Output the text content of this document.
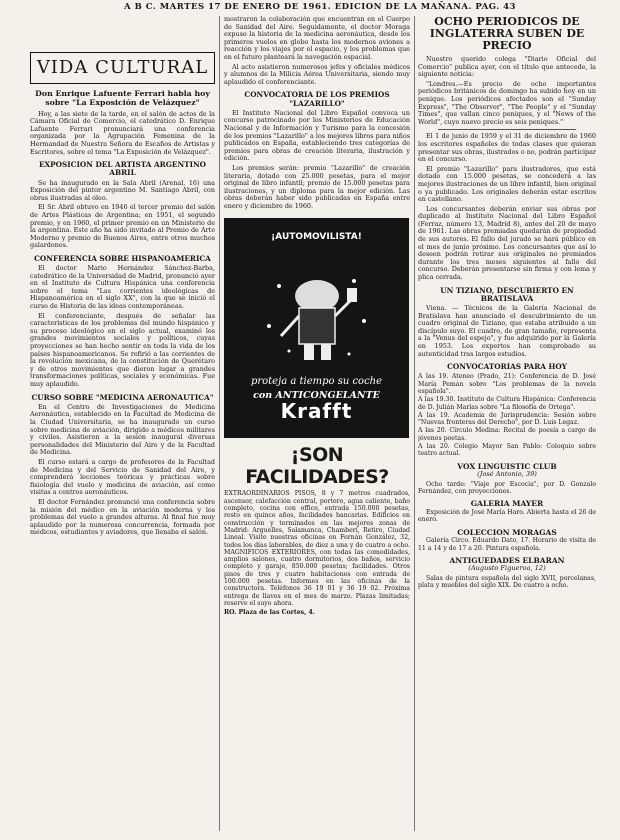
A B C. MARTES 17 DE ENERO DE 1961. EDICION DE LA MAÑANA. PAG. 43
VIDA CULTURAL
Don Enrique Lafuente Ferrari habla hoy sobre "La Exposición de Velázquez"

Hoy, a las siete de la tarde, en el salón de actos de la Cámara Oficial de Comercio, el catedrático D. Enrique Lafuente Ferrari pronunciará una conferencia organizada por la Agrupación Femenina de la Hermandad de Nuestra Señora de Escaños de Artistas y Escritores, sobre el tema "La Exposición de Velázquez".

EXPOSICION DEL ARTISTA ARGENTINO ABRIL

Se ha inaugurado en la Sala Abril (Arenal, 16) una Exposición del pintor argentino M. Santiago Abril, con obras ilustradas al óleo.

El Sr. Abril obtuvo en 1946 el tercer premio del salón de Artes Plásticas de Argentina; en 1951, el segundo premio, y en 1960, el primer premio en un Ministerio de la argentina. Este año ha sido invitado al Premio de Arte Moderno y premio de Buenos Aires, entre otros muchos galardones.

CONFERENCIA SOBRE HISPANOAMERICA

El doctor Mario Hernández Sánchez-Barba, catedrático de la Universidad de Madrid, pronunció ayer en el Instituto de Cultura Hispánica una conferencia sobre el tema "Las corrientes ideológicas de Hispanoamérica en el siglo XX", con la que se inició el curso de Historia de las ideas contemporáneas.

El conferenciante, después de señalar las características de los problemas del mundo hispánico y su proceso ideológico en el siglo actual, examinó los grandes movimientos sociales y políticos, cuyas proyecciones se han hecho sentir en toda la vida de los países hispanoamericanos. Se refirió a las corrientes de la revolución mexicana, de la constitución de Querétaro y de otros movimientos que dieron lugar a grandes transformaciones políticas, sociales y económicas. Fue muy aplaudido.

CURSO SOBRE "MEDICINA AERONAUTICA"

En el Centro de Investigaciones de Medicina Aeronáutica, establecido en la Facultad de Medicina de la Ciudad Universitaria, se ha inaugurado un curso sobre medicina de aviación, dirigido a médicos militares y civiles. Asistieron a la sesión inaugural diversas personalidades del Ministerio del Aire y de la Facultad de Medicina.

El curso estará a cargo de profesores de la Facultad de Medicina y del Servicio de Sanidad del Aire, y comprenderá lecciones teóricas y prácticas sobre fisiología del vuelo y medicina de aviación, así como visitas a centros aeronáuticos.

El doctor Fernández pronunció una conferencia sobre la misión del médico en la aviación moderna y los problemas del vuelo a grandes alturas. Al final fue muy aplaudido por la numerosa concurrencia, formada por médicos, estudiantes y aviadores, que llenaba el salón.

mostraron la colaboración que encuentran en el Cuerpo de Sanidad del Aire. Seguidamente, el doctor Moraga expuso la historia de la medicina aeronáutica, desde los primeros vuelos en globo hasta los modernos aviones a reacción y los viajes por el espacio, y los problemas que en el futuro planteará la navegación espacial.

Al acto asistieron numerosos jefes y oficiales médicos y alumnos de la Milicia Aérea Universitaria, siendo muy aplaudido el conferenciante.

CONVOCATORIA DE LOS PREMIOS "LAZARILLO"

El Instituto Nacional del Libro Español convoca un concurso patrocinado por los Ministerios de Educación Nacional y de Información y Turismo para la concesión de los premios "Lazarillo" a los mejores libros para niños publicados en España, estableciendo tres categorías de premios para obras de creación literaria, ilustración y edición.

Los premios serán: premio "Lazarillo" de creación literaria, dotado con 25.000 pesetas, para el mejor original de libro infantil; premio de 15.000 pesetas para ilustraciones, y un diploma para la mejor edición. Las obras deberán haber sido publicadas en España entre enero y diciembre de 1960.

¡AUTOMOVILISTA!
proteja a tiempo su coche
con ANTICONGELANTE
Krafft
¡SON FACILIDADES?

EXTRAORDINARIOS PISOS, 8 y 7 metros cuadrados, ascensor, calefacción central, portero, agua caliente, baño completo, cocina con office, entrada 150.000 pesetas, resto en quince años, facilidades bancarias. Edificios en construcción y terminados en las mejores zonas de Madrid: Arguelles, Salamanca, Chamberí, Retiro, Ciudad Lineal. Visite nuestras oficinas en Fernán González, 32, todos los días laborables, de diez a una y de cuatro a ocho. MAGNIFICOS EXTERIORES, con todas las comodidades, amplios salones, cuatro dormitorios, dos baños, servicio completo y garaje, 850.000 pesetas; facilidades. Otros pisos de tres y cuatro habitaciones con entrada de 100.000 pesetas. Informes en las oficinas de la constructora. Teléfonos 36 19 01 y 36 19 02. Próxima entrega de llaves en el mes de marzo. Plazas limitadas; reserve el suyo ahora.

RO. Plaza de las Cortes, 4.

OCHO PERIODICOS DE INGLATERRA SUBEN DE PRECIO

Nuestro querido colega "Diario Oficial del Comercio" publica ayer, con el título que antecede, la siguiente noticia:

"Londres.—Es precio de ocho importantes periódicos británicos de domingo ha subido hoy en un penique. Los periódicos afectados son el "Sunday Express", "The Observer", "The People" y el "Sunday Times", que vallan cinco peniques, y el "News of the World", cuyo nuevo precio es seis peniques."

El 1 de junio de 1959 y el 31 de diciembre de 1960 los escritores españoles de todas clases que quieran presentar sus obras, ilustrados o no, podrán participar en el concurso.

El premio "Lazarillo" para ilustradores, que está dotado con 15.000 pesetas, se concederá a las mejores ilustraciones de un libro infantil, bien original o ya publicado. Los originales deberán estar escritos en castellano.

Los concursantes deberán enviar sus obras por duplicado al Instituto Nacional del Libro Español (Ferraz, número 13, Madrid 8), antes del 20 de mayo de 1961. Las obras premiadas quedarán de propiedad de sus autores. El fallo del jurado se hará público en el mes de junio próximo. Los concursantes que así lo deseen podrán retirar sus originales no premiados durante los tres meses siguientes al fallo del concurso. Deberán presentarse sin firma y con lema y plica cerrada.

UN TIZIANO, DESCUBIERTO EN BRATISLAVA

Viena. — Técnicos de la Galería Nacional de Bratislava han anunciado el descubrimiento de un cuadro original de Tiziano, que estaba atribuido a un discípulo suyo. El cuadro, de gran tamaño, representa a la "Venus del espejo", y fue adquirido por la Galería en 1953. Los expertos han comprobado su autenticidad tras largos estudios.

CONVOCATORIAS PARA HOY

A las 19. Ateneo (Prado, 21): Conferencia de D. José María Pemán sobre "Los problemas de la novela española".

A las 19.30. Instituto de Cultura Hispánica: Conferencia de D. Julián Marías sobre "La filosofía de Ortega".

A las 19. Academia de Jurisprudencia: Sesión sobre "Nuevas fronteras del Derecho", por D. Luis Legaz.

A las 20. Círculo Medina: Recital de poesía a cargo de jóvenes poetas.

A las 20. Colegio Mayor San Pablo: Coloquio sobre teatro actual.

VOX LINGUISTIC CLUB
(José Antonio, 39)

Ocho tarde: "Viaje por Escocia", por D. Gonzalo Fernández, con proyecciones.

GALERIA MAYER

Exposición de José María Haro. Abierta hasta el 26 de enero.

COLECCION MORAGAS

Galería Circo. Eduardo Dato, 17. Horario de visita de 11 a 14 y de 17 a 20. Pintura española.

ANTIGUEDADES ELBARAN
(Augusto Figueroa, 12)

Salas de pintura española del siglo XVII, porcelanas, plata y muebles del siglo XIX. De cuatro a ocho.
